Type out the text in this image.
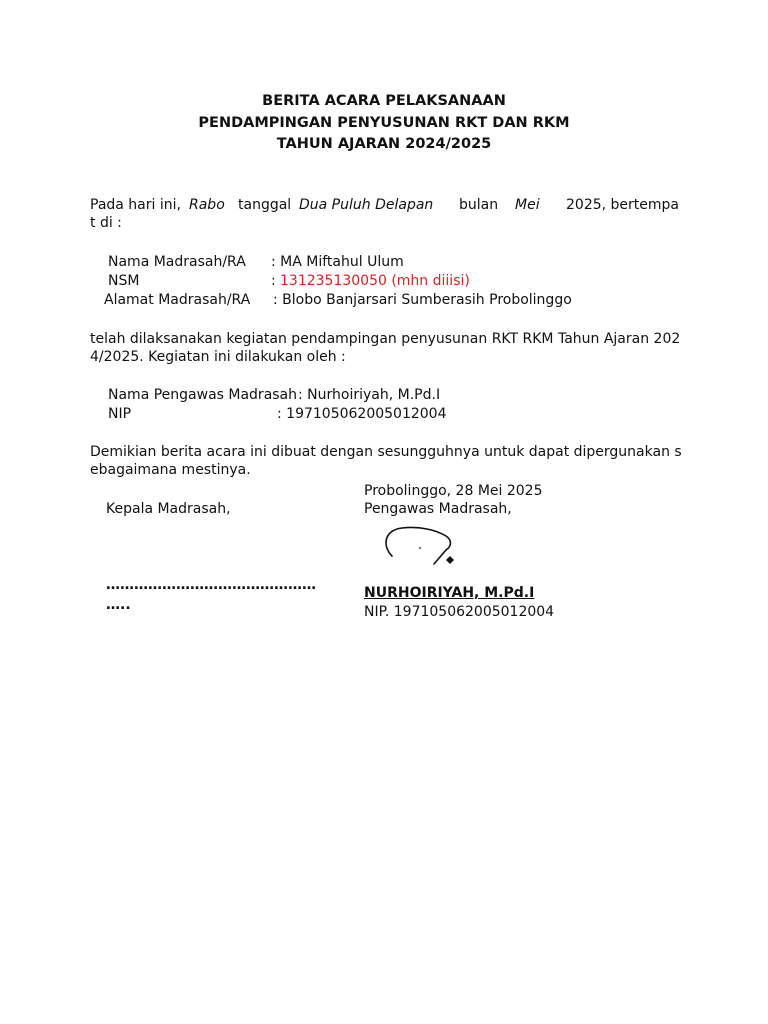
BERITA ACARA PELAKSANAAN
PENDAMPINGAN PENYUSUNAN RKT DAN RKM
TAHUN AJARAN 2024/2025
Pada hari ini, Rabo tanggal Dua Puluh Delapan bulan Mei 2025, bertempa
t di :
Nama Madrasah/RA : MA Miftahul Ulum
NSM	: 131235130050 (mhn diiisi)
Alamat Madrasah/RA : Blobo Banjarsari Sumberasih Probolinggo
telah dilaksanakan kegiatan pendampingan penyusunan RKT RKM Tahun Ajaran 202
4/2025. Kegiatan ini dilakukan oleh :
Nama Pengawas Madrasah : Nurhoiriyah, M.Pd.I
NIP	: 197105062005012004
Demikian berita acara ini dibuat dengan sesungguhnya untuk dapat dipergunakan s
ebagaimana mestinya.
Probolinggo, 28 Mei 2025
Kepala Madrasah,	Pengawas Madrasah,
………………………………………
…..
NURHOIRIYAH, M.Pd.I
NIP. 197105062005012004
